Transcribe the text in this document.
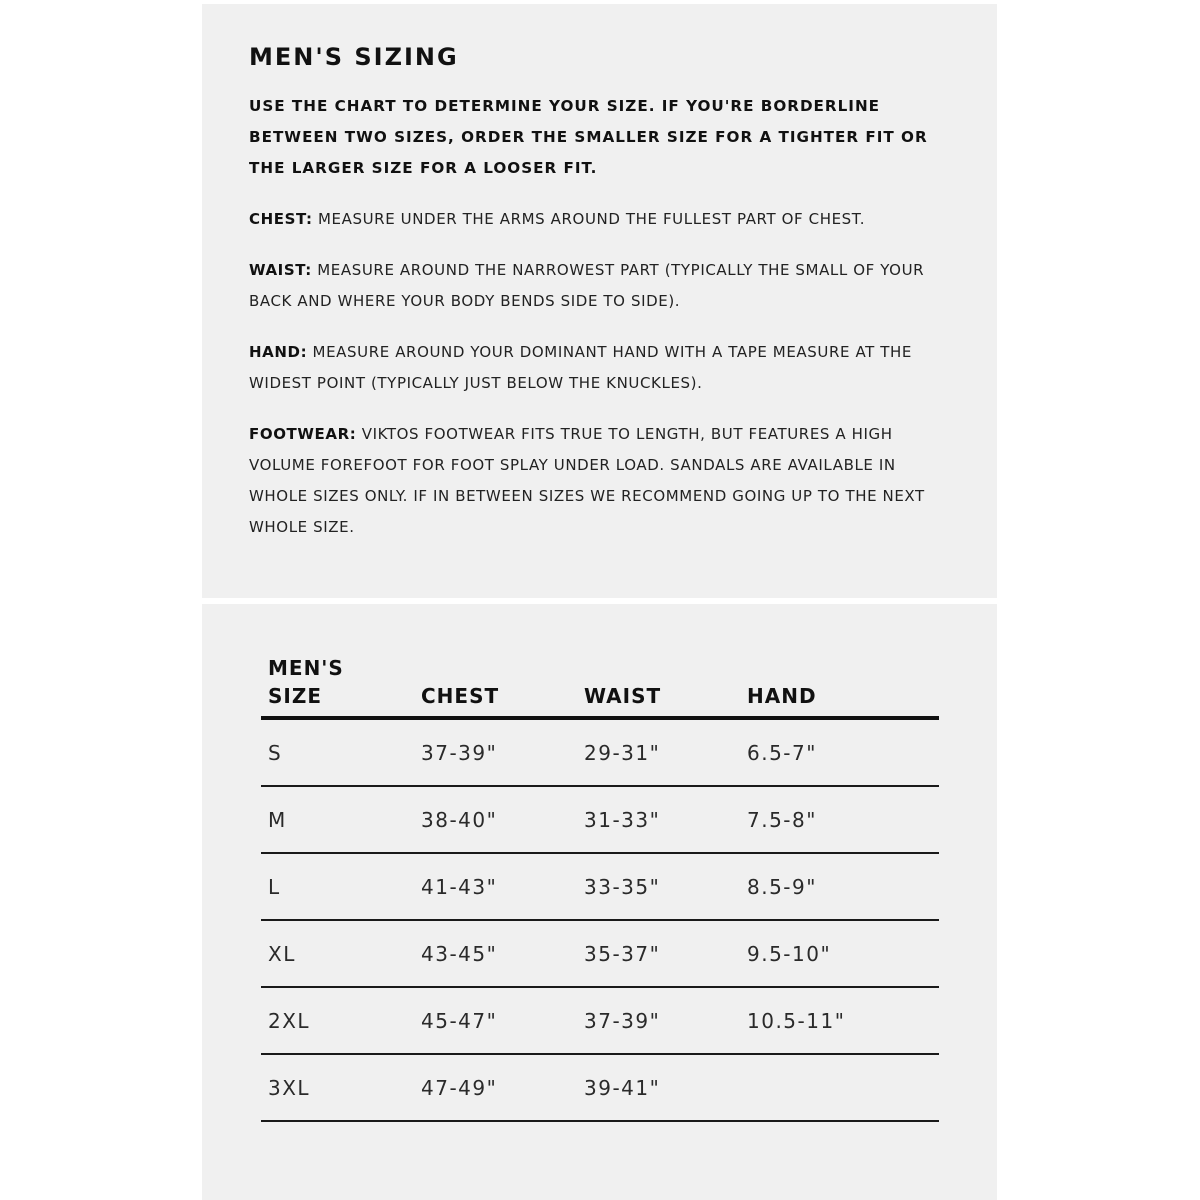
MEN'S SIZING

USE THE CHART TO DETERMINE YOUR SIZE. IF YOU'RE BORDERLINE BETWEEN TWO SIZES, ORDER THE SMALLER SIZE FOR A TIGHTER FIT OR THE LARGER SIZE FOR A LOOSER FIT.

CHEST: MEASURE UNDER THE ARMS AROUND THE FULLEST PART OF CHEST.

WAIST: MEASURE AROUND THE NARROWEST PART (TYPICALLY THE SMALL OF YOUR BACK AND WHERE YOUR BODY BENDS SIDE TO SIDE).

HAND: MEASURE AROUND YOUR DOMINANT HAND WITH A TAPE MEASURE AT THE WIDEST POINT (TYPICALLY JUST BELOW THE KNUCKLES).

FOOTWEAR: VIKTOS FOOTWEAR FITS TRUE TO LENGTH, BUT FEATURES A HIGH VOLUME FOREFOOT FOR FOOT SPLAY UNDER LOAD. SANDALS ARE AVAILABLE IN WHOLE SIZES ONLY. IF IN BETWEEN SIZES WE RECOMMEND GOING UP TO THE NEXT WHOLE SIZE.

MEN'S
SIZE	CHEST	WAIST	HAND

S	37-39"	29-31"	6.5-7"
M	38-40"	31-33"	7.5-8"
L	41-43"	33-35"	8.5-9"
XL	43-45"	35-37"	9.5-10"
2XL	45-47"	37-39"	10.5-11"
3XL	47-49"	39-41"	
